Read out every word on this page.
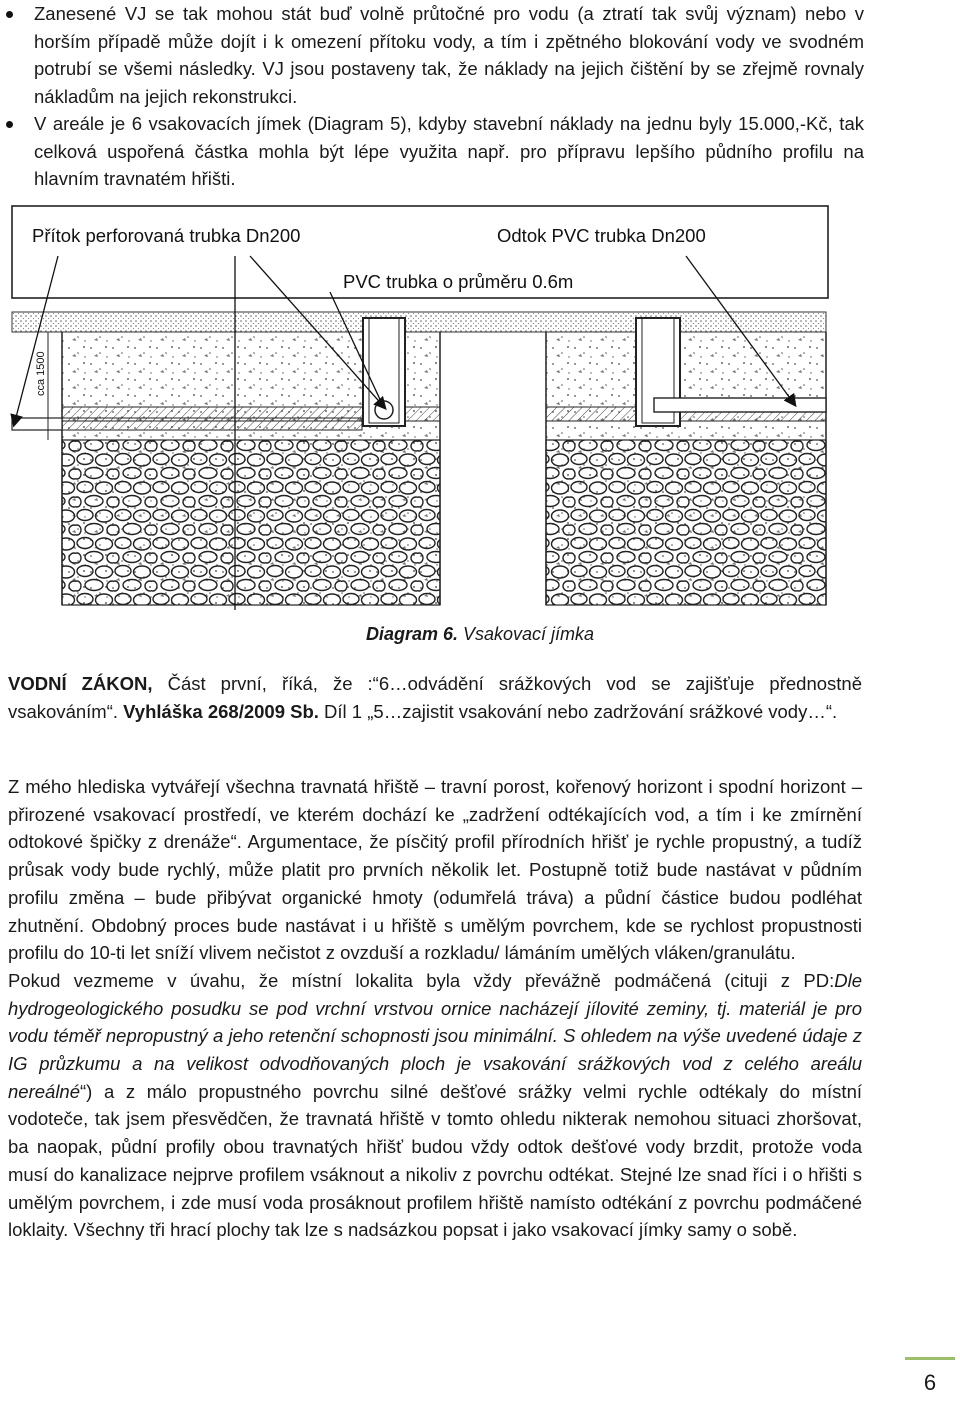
Zanesené VJ se tak mohou stát buď volně průtočné pro vodu (a ztratí tak svůj význam) nebo v horším případě může dojít i k omezení přítoku vody, a tím i zpětného blokování vody ve svodném potrubí se všemi následky. VJ jsou postaveny tak, že náklady na jejich čištění by se zřejmě rovnaly nákladům na jejich rekonstrukci.
V areále je 6 vsakovacích jímek (Diagram 5), kdyby stavební náklady na jednu byly 15.000,-Kč, tak celková uspořená částka mohla být lépe využita např. pro přípravu lepšího půdního profilu na hlavním travnatém hřišti.
Přítok perforovaná trubka Dn200	Odtok PVC trubka Dn200
PVC trubka o průměru 0.6m
cca 1500
Diagram 6. Vsakovací jímka

VODNÍ ZÁKON, Část první, říká, že :“6…odvádění srážkových vod se zajišťuje přednostně vsakováním“. Vyhláška 268/2009 Sb. Díl 1 „5…zajistit vsakování nebo zadržování srážkové vody…“.

Z mého hlediska vytvářejí všechna travnatá hřiště – travní porost, kořenový horizont i spodní horizont – přirozené vsakovací prostředí, ve kterém dochází ke „zadržení odtékajících vod, a tím i ke zmírnění odtokové špičky z drenáže“. Argumentace, že písčitý profil přírodních hřišť je rychle propustný, a tudíž průsak vody bude rychlý, může platit pro prvních několik let. Postupně totiž bude nastávat v půdním profilu změna – bude přibývat organické hmoty (odumřelá tráva) a půdní částice budou podléhat zhutnění. Obdobný proces bude nastávat i u hřiště s umělým povrchem, kde se rychlost propustnosti profilu do 10-ti let sníží vlivem nečistot z ovzduší a rozkladu/ lámáním umělých vláken/granulátu.
Pokud vezmeme v úvahu, že místní lokalita byla vždy převážně podmáčená (cituji z PD:Dle hydrogeologického posudku se pod vrchní vrstvou ornice nacházejí jílovité zeminy, tj. materiál je pro vodu téměř nepropustný a jeho retenční schopnosti jsou minimální. S ohledem na výše uvedené údaje z IG průzkumu a na velikost odvodňovaných ploch je vsakování srážkových vod z celého areálu nereálné“) a z málo propustného povrchu silné dešťové srážky velmi rychle odtékaly do místní vodoteče, tak jsem přesvědčen, že travnatá hřiště v tomto ohledu nikterak nemohou situaci zhoršovat, ba naopak, půdní profily obou travnatých hřišť budou vždy odtok dešťové vody brzdit, protože voda musí do kanalizace nejprve profilem vsáknout a nikoliv z povrchu odtékat. Stejné lze snad říci i o hřišti s umělým povrchem, i zde musí voda prosáknout profilem hřiště namísto odtékání z povrchu podmáčené loklaity. Všechny tři hrací plochy tak lze s nadsázkou popsat i jako vsakovací jímky samy o sobě.

6
